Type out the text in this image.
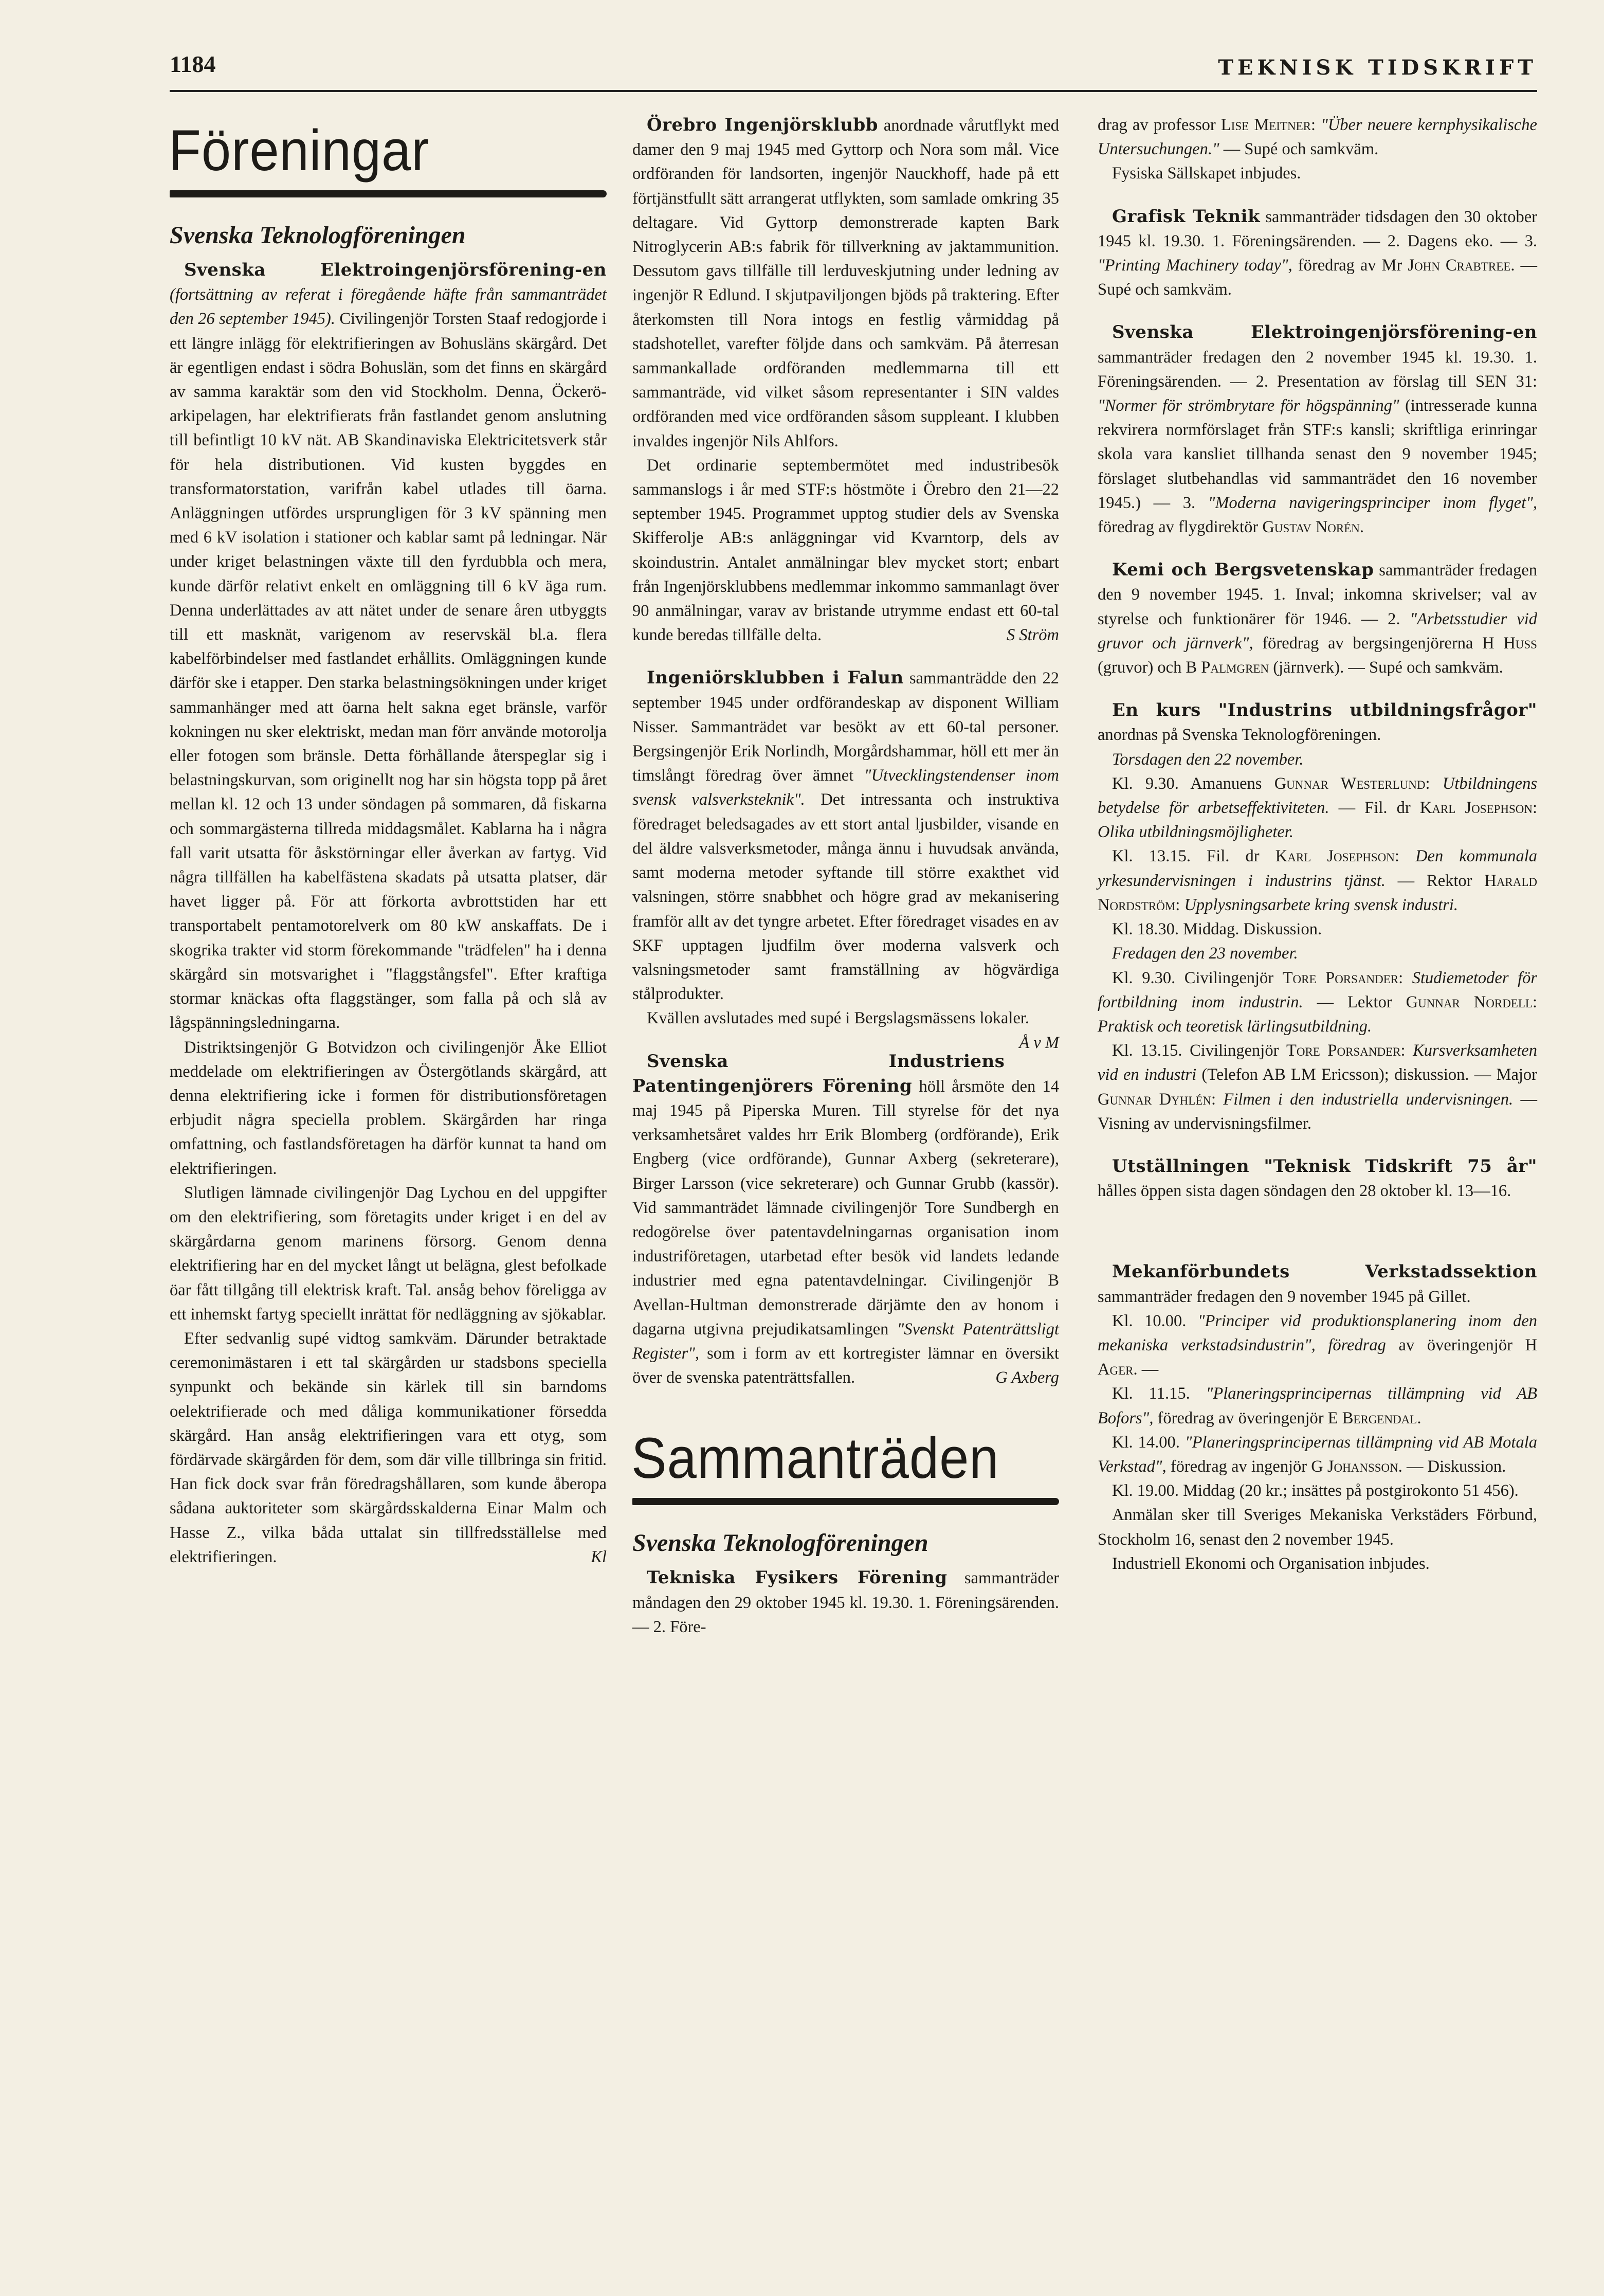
1184	TEKNISK TIDSKRIFT
Föreningar
Svenska Teknologföreningen

Svenska Elektroingenjörsförening-en (fortsättning av referat i föregående häfte från sammanträdet den 26 september 1945). Civilingenjör Torsten Staaf redogjorde i ett längre inlägg för elektrifieringen av Bohusläns skärgård. Det är egentligen endast i södra Bohuslän, som det finns en skärgård av samma karaktär som den vid Stockholm. Denna, Öckerö-arkipelagen, har elektrifierats från fastlandet genom anslutning till befintligt 10 kV nät. AB Skandinaviska Elektricitetsverk står för hela distributionen. Vid kusten byggdes en transformatorstation, varifrån kabel utlades till öarna. Anläggningen utfördes ursprungligen för 3 kV spänning men med 6 kV isolation i stationer och kablar samt på ledningar. När under kriget belastningen växte till den fyrdubbla och mera, kunde därför relativt enkelt en omläggning till 6 kV äga rum. Denna underlättades av att nätet under de senare åren utbyggts till ett masknät, varigenom av reservskäl bl.a. flera kabelförbindelser med fastlandet erhållits. Omläggningen kunde därför ske i etapper. Den starka belastningsökningen under kriget sammanhänger med att öarna helt sakna eget bränsle, varför kokningen nu sker elektriskt, medan man förr använde motorolja eller fotogen som bränsle. Detta förhållande återspeglar sig i belastningskurvan, som originellt nog har sin högsta topp på året mellan kl. 12 och 13 under söndagen på sommaren, då fiskarna och sommargästerna tillreda middagsmålet. Kablarna ha i några fall varit utsatta för åskstörningar eller åverkan av fartyg. Vid några tillfällen ha kabelfästena skadats på utsatta platser, där havet ligger på. För att förkorta avbrottstiden har ett transportabelt pentamotorelverk om 80 kW anskaffats. De i skogrika trakter vid storm förekommande "trädfelen" ha i denna skärgård sin motsvarighet i "flaggstångsfel". Efter kraftiga stormar knäckas ofta flaggstänger, som falla på och slå av lågspänningsledningarna.

Distriktsingenjör G Botvidzon och civilingenjör Åke Elliot meddelade om elektrifieringen av Östergötlands skärgård, att denna elektrifiering icke i formen för distributionsföretagen erbjudit några speciella problem. Skärgården har ringa omfattning, och fastlandsföretagen ha därför kunnat ta hand om elektrifieringen.

Slutligen lämnade civilingenjör Dag Lychou en del uppgifter om den elektrifiering, som företagits under kriget i en del av skärgårdarna genom marinens försorg. Genom denna elektrifiering har en del mycket långt ut belägna, glest befolkade öar fått tillgång till elektrisk kraft. Tal. ansåg behov föreligga av ett inhemskt fartyg speciellt inrättat för nedläggning av sjökablar.

Efter sedvanlig supé vidtog samkväm. Därunder betraktade ceremonimästaren i ett tal skärgården ur stadsbons speciella synpunkt och bekände sin kärlek till sin barndoms oelektrifierade och med dåliga kommunikationer försedda skärgård. Han ansåg elektrifieringen vara ett otyg, som fördärvade skärgården för dem, som där ville tillbringa sin fritid. Han fick dock svar från föredragshållaren, som kunde åberopa sådana auktoriteter som skärgårdsskalderna Einar Malm och Hasse Z., vilka båda uttalat sin tillfredsställelse med elektrifieringen.	Kl

Örebro Ingenjörsklubb anordnade vårutflykt med damer den 9 maj 1945 med Gyttorp och Nora som mål. Vice ordföranden för landsorten, ingenjör Nauckhoff, hade på ett förtjänstfullt sätt arrangerat utflykten, som samlade omkring 35 deltagare. Vid Gyttorp demonstrerade kapten Bark Nitroglycerin AB:s fabrik för tillverkning av jaktammunition. Dessutom gavs tillfälle till lerduveskjutning under ledning av ingenjör R Edlund. I skjutpaviljongen bjöds på traktering. Efter återkomsten till Nora intogs en festlig vårmiddag på stadshotellet, varefter följde dans och samkväm. På återresan sammankallade ordföranden medlemmarna till ett sammanträde, vid vilket såsom representanter i SIN valdes ordföranden med vice ordföranden såsom suppleant. I klubben invaldes ingenjör Nils Ahlfors.

Det ordinarie septembermötet med industribesök sammanslogs i år med STF:s höstmöte i Örebro den 21—22 september 1945. Programmet upptog studier dels av Svenska Skifferolje AB:s anläggningar vid Kvarntorp, dels av skoindustrin. Antalet anmälningar blev mycket stort; enbart från Ingenjörsklubbens medlemmar inkommo sammanlagt över 90 anmälningar, varav av bristande utrymme endast ett 60-tal kunde beredas tillfälle delta.	S Ström

Ingeniörsklubben i Falun sammanträdde den 22 september 1945 under ordförandeskap av disponent William Nisser. Sammanträdet var besökt av ett 60-tal personer. Bergsingenjör Erik Norlindh, Morgårdshammar, höll ett mer än timslångt föredrag över ämnet "Utvecklingstendenser inom svensk valsverksteknik". Det intressanta och instruktiva föredraget beledsagades av ett stort antal ljusbilder, visande en del äldre valsverksmetoder, många ännu i huvudsak använda, samt moderna metoder syftande till större exakthet vid valsningen, större snabbhet och högre grad av mekanisering framför allt av det tyngre arbetet. Efter föredraget visades en av SKF upptagen ljudfilm över moderna valsverk och valsningsmetoder samt framställning av högvärdiga stålprodukter.

Kvällen avslutades med supé i Bergslagsmässens lokaler.
Å v M

Svenska Industriens Patentingenjörers Förening höll årsmöte den 14 maj 1945 på Piperska Muren. Till styrelse för det nya verksamhetsåret valdes hrr Erik Blomberg (ordförande), Erik Engberg (vice ordförande), Gunnar Axberg (sekreterare), Birger Larsson (vice sekreterare) och Gunnar Grubb (kassör). Vid sammanträdet lämnade civilingenjör Tore Sundbergh en redogörelse över patentavdelningarnas organisation inom industriföretagen, utarbetad efter besök vid landets ledande industrier med egna patentavdelningar. Civilingenjör B Avellan-Hultman demonstrerade därjämte den av honom i dagarna utgivna prejudikatsamlingen "Svenskt Patenträttsligt Register", som i form av ett kortregister lämnar en översikt över de svenska patenträttsfallen.	G Axberg

Sammanträden
Svenska Teknologföreningen

Tekniska Fysikers Förening sammanträder måndagen den 29 oktober 1945 kl. 19.30. 1. Föreningsärenden. — 2. Före-

drag av professor Lise Meitner: "Über neuere kernphysikalische Untersuchungen." — Supé och samkväm.

Fysiska Sällskapet inbjudes.

Grafisk Teknik sammanträder tidsdagen den 30 oktober 1945 kl. 19.30. 1. Föreningsärenden. — 2. Dagens eko. — 3. "Printing Machinery today", föredrag av Mr John Crabtree. — Supé och samkväm.

Svenska Elektroingenjörsförening-en sammanträder fredagen den 2 november 1945 kl. 19.30. 1. Föreningsärenden. — 2. Presentation av förslag till SEN 31: "Normer för strömbrytare för högspänning" (intresserade kunna rekvirera normförslaget från STF:s kansli; skriftliga erinringar skola vara kansliet tillhanda senast den 9 november 1945; förslaget slutbehandlas vid sammanträdet den 16 november 1945.) — 3. "Moderna navigeringsprinciper inom flyget", föredrag av flygdirektör Gustav Norén.

Kemi och Bergsvetenskap sammanträder fredagen den 9 november 1945. 1. Inval; inkomna skrivelser; val av styrelse och funktionärer för 1946. — 2. "Arbetsstudier vid gruvor och järnverk", föredrag av bergsingenjörerna H Huss (gruvor) och B Palmgren (järnverk). — Supé och samkväm.

En kurs "Industrins utbildningsfrågor" anordnas på Svenska Teknologföreningen.

Torsdagen den 22 november.

Kl. 9.30. Amanuens Gunnar Westerlund: Utbildningens betydelse för arbetseffektiviteten. — Fil. dr Karl Josephson: Olika utbildningsmöjligheter.

Kl. 13.15. Fil. dr Karl Josephson: Den kommunala yrkesundervisningen i industrins tjänst. — Rektor Harald Nordström: Upplysningsarbete kring svensk industri.

Kl. 18.30. Middag. Diskussion.

Fredagen den 23 november.

Kl. 9.30. Civilingenjör Tore Porsander: Studiemetoder för fortbildning inom industrin. — Lektor Gunnar Nordell: Praktisk och teoretisk lärlingsutbildning.

Kl. 13.15. Civilingenjör Tore Porsander: Kursverksamheten vid en industri (Telefon AB LM Ericsson); diskussion. — Major Gunnar Dyhlén: Filmen i den industriella undervisningen. — Visning av undervisningsfilmer.

Utställningen "Teknisk Tidskrift 75 år" hålles öppen sista dagen söndagen den 28 oktober kl. 13—16.

Mekanförbundets Verkstadssektion sammanträder fredagen den 9 november 1945 på Gillet.

Kl. 10.00. "Principer vid produktionsplanering inom den mekaniska verkstadsindustrin", föredrag av överingenjör H Ager. —

Kl. 11.15. "Planeringsprincipernas tillämpning vid AB Bofors", föredrag av överingenjör E Bergendal.

Kl. 14.00. "Planeringsprincipernas tillämpning vid AB Motala Verkstad", föredrag av ingenjör G Johansson. — Diskussion.

Kl. 19.00. Middag (20 kr.; insättes på postgirokonto 51 456).

Anmälan sker till Sveriges Mekaniska Verkstäders Förbund, Stockholm 16, senast den 2 november 1945.

Industriell Ekonomi och Organisation inbjudes.
